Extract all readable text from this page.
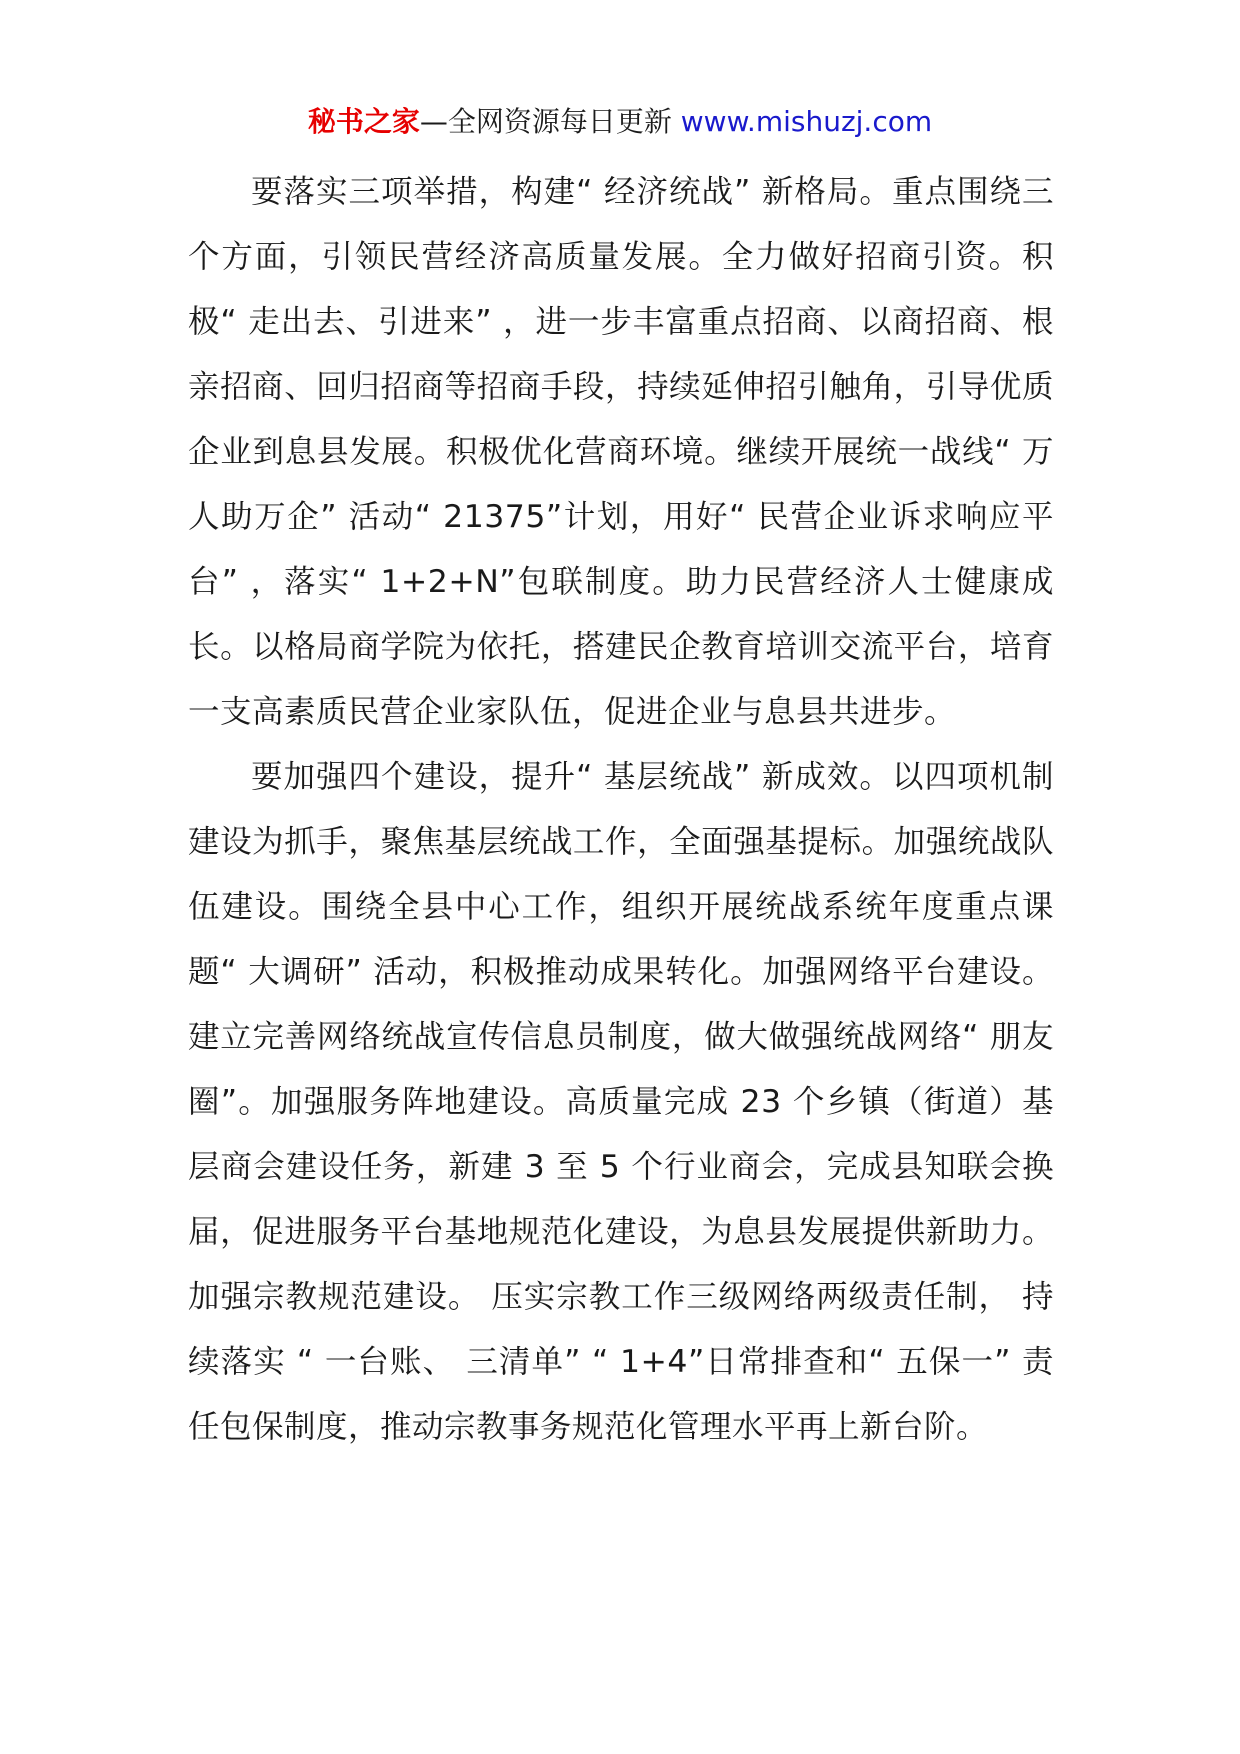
秘书之家—全网资源每日更新 www.mishuzj.com

要落实三项举措，构建“ 经济统战” 新格局。重点围绕三个方面，引领民营经济高质量发展。全力做好招商引资。积极“ 走出去、引进来” ，进一步丰富重点招商、以商招商、根亲招商、回归招商等招商手段，持续延伸招引触角，引导优质企业到息县发展。积极优化营商环境。继续开展统一战线“ 万人助万企” 活动“ 21375”计划，用好“ 民营企业诉求响应平台” ，落实“ 1+2+N”包联制度。助力民营经济人士健康成长。以格局商学院为依托，搭建民企教育培训交流平台，培育一支高素质民营企业家队伍，促进企业与息县共进步。

要加强四个建设，提升“ 基层统战” 新成效。以四项机制建设为抓手，聚焦基层统战工作，全面强基提标。加强统战队伍建设。围绕全县中心工作，组织开展统战系统年度重点课题“ 大调研” 活动，积极推动成果转化。加强网络平台建设。建立完善网络统战宣传信息员制度，做大做强统战网络“ 朋友圈”。加强服务阵地建设。高质量完成 23 个乡镇（街道）基层商会建设任务，新建 3 至 5 个行业商会，完成县知联会换届，促进服务平台基地规范化建设，为息县发展提供新助力。 加强宗教规范建设。 压实宗教工作三级网络两级责任制， 持续落实 “ 一台账、 三清单” “ 1+4”日常排查和“ 五保一” 责任包保制度，推动宗教事务规范化管理水平再上新台阶。
